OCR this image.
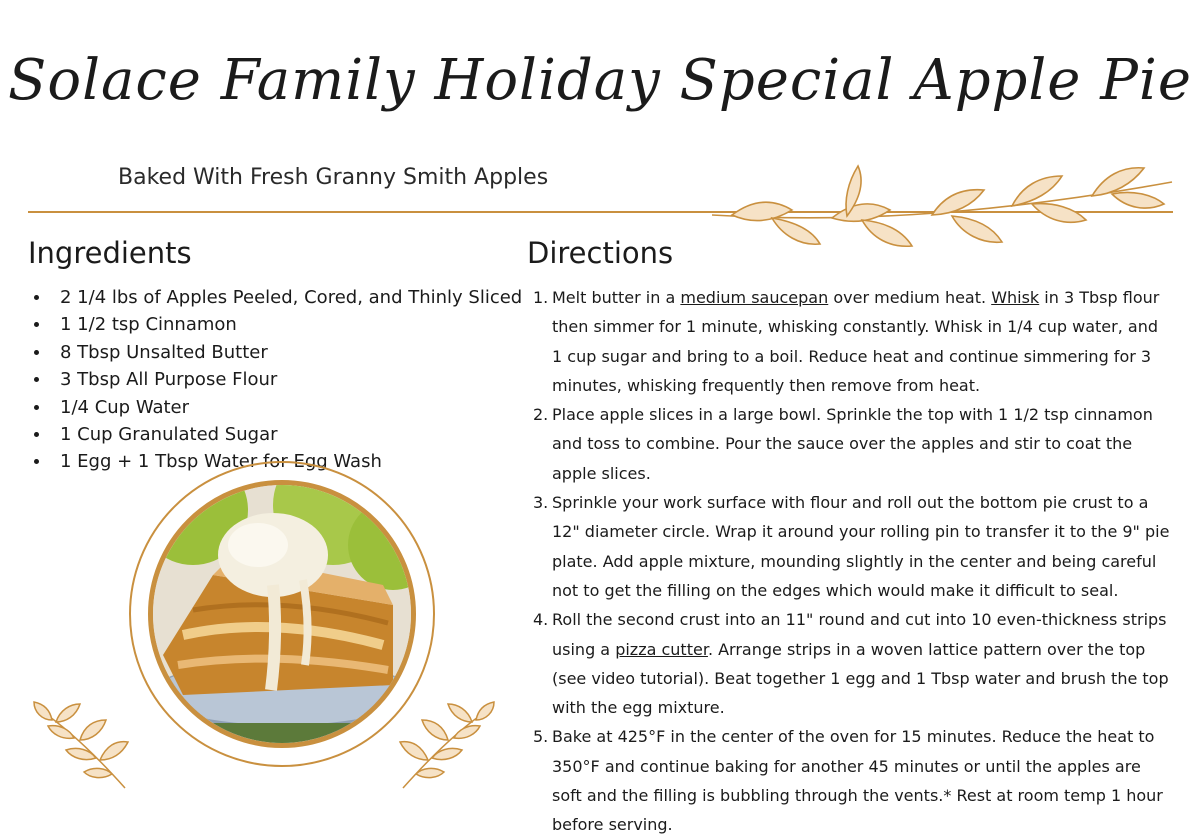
Solace Family Holiday Special Apple Pie
Baked With Fresh Granny Smith Apples
Ingredients
2 1/4 lbs of Apples Peeled, Cored, and Thinly Sliced
1 1/2 tsp Cinnamon
8 Tbsp Unsalted Butter
3 Tbsp All Purpose Flour
1/4 Cup Water
1 Cup Granulated Sugar
1 Egg + 1 Tbsp Water for Egg Wash
Directions
1. Melt butter in a medium saucepan over medium heat. Whisk in 3 Tbsp flour then simmer for 1 minute, whisking constantly. Whisk in 1/4 cup water, and 1 cup sugar and bring to a boil. Reduce heat and continue simmering for 3 minutes, whisking frequently then remove from heat.
2. Place apple slices in a large bowl. Sprinkle the top with 1 1/2 tsp cinnamon and toss to combine. Pour the sauce over the apples and stir to coat the apple slices.
3. Sprinkle your work surface with flour and roll out the bottom pie crust to a 12" diameter circle. Wrap it around your rolling pin to transfer it to the 9" pie plate. Add apple mixture, mounding slightly in the center and being careful not to get the filling on the edges which would make it difficult to seal.
4. Roll the second crust into an 11" round and cut into 10 even-thickness strips using a pizza cutter. Arrange strips in a woven lattice pattern over the top (see video tutorial). Beat together 1 egg and 1 Tbsp water and brush the top with the egg mixture.
5. Bake at 425°F in the center of the oven for 15 minutes. Reduce the heat to 350°F and continue baking for another 45 minutes or until the apples are soft and the filling is bubbling through the vents.* Rest at room temp 1 hour before serving.
